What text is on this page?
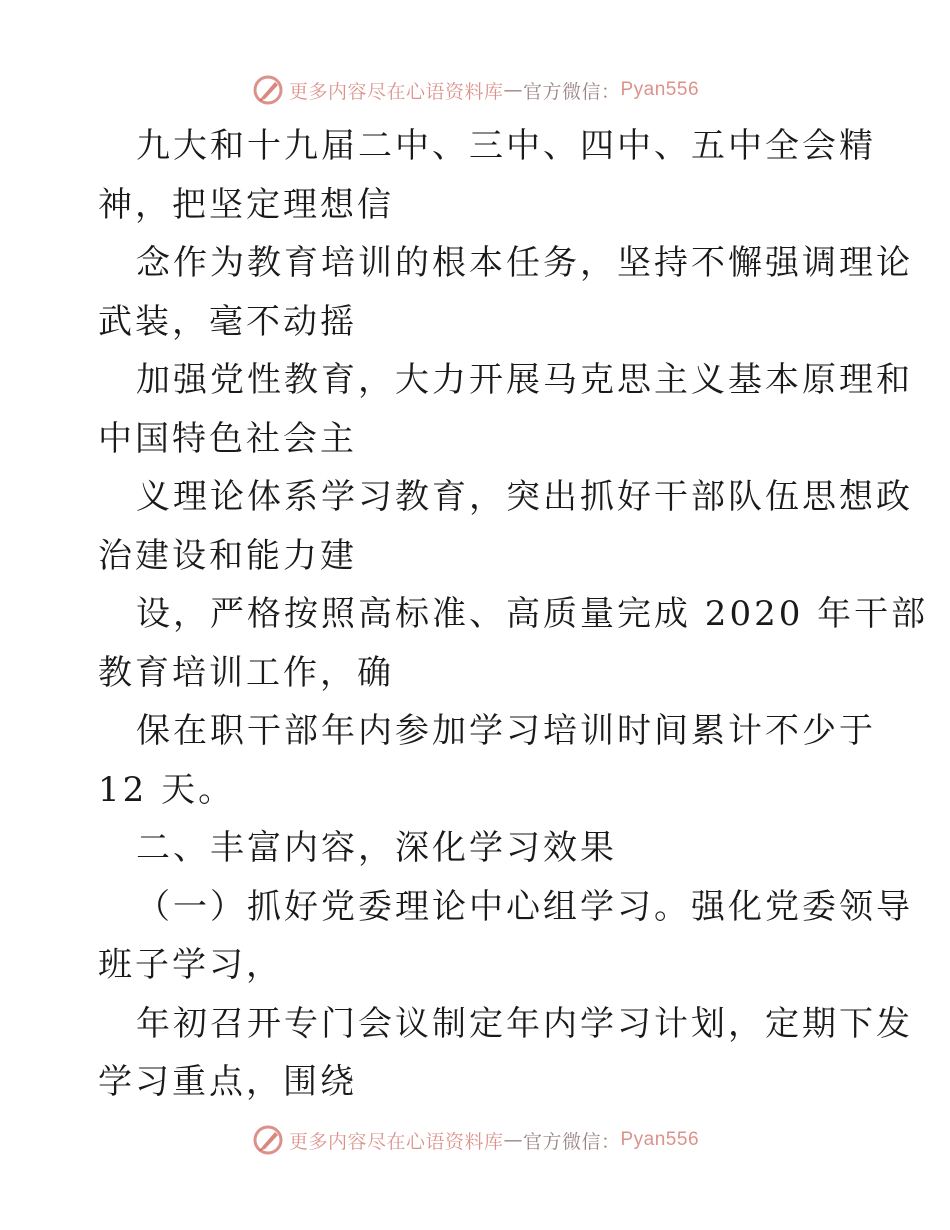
更多内容尽在心语资料库 — 官方微信： Pyan556
九大和十九届二中、三中、四中、五中全会精
神，把坚定理想信
念作为教育培训的根本任务，坚持不懈强调理论
武装，毫不动摇
加强党性教育，大力开展马克思主义基本原理和
中国特色社会主
义理论体系学习教育，突出抓好干部队伍思想政
治建设和能力建
设，严格按照高标准、高质量完成 2020 年干部
教育培训工作，确
保在职干部年内参加学习培训时间累计不少于
12 天。
二、丰富内容，深化学习效果
（一）抓好党委理论中心组学习。强化党委领导
班子学习，
年初召开专门会议制定年内学习计划，定期下发
学习重点，围绕
更多内容尽在心语资料库 — 官方微信： Pyan556
